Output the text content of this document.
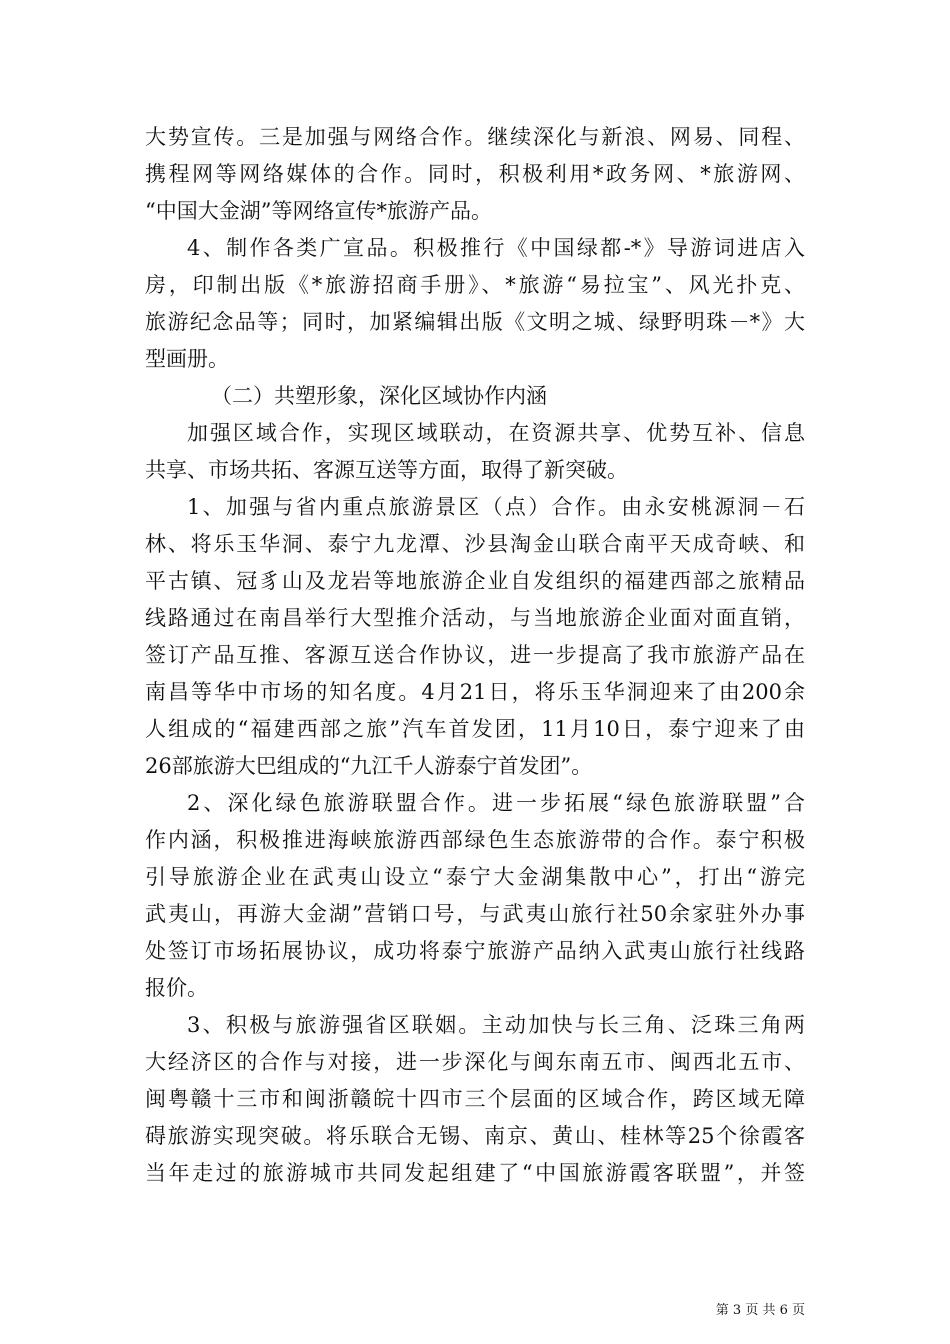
大势宣传。三是加强与网络合作。继续深化与新浪、网易、同程、
携程网等网络媒体的合作。同时，积极利用*政务网、*旅游网、
“中国大金湖”等网络宣传*旅游产品。
4、制作各类广宣品。积极推行《中国绿都-*》导游词进店入
房，印制出版《*旅游招商手册》、*旅游“易拉宝”、风光扑克、
旅游纪念品等；同时，加紧编辑出版《文明之城、绿野明珠－*》大
型画册。
（二）共塑形象，深化区域协作内涵
加强区域合作，实现区域联动，在资源共享、优势互补、信息
共享、市场共拓、客源互送等方面，取得了新突破。
1、加强与省内重点旅游景区（点）合作。由永安桃源洞－石
林、将乐玉华洞、泰宁九龙潭、沙县淘金山联合南平天成奇峡、和
平古镇、冠豸山及龙岩等地旅游企业自发组织的福建西部之旅精品
线路通过在南昌举行大型推介活动，与当地旅游企业面对面直销，
签订产品互推、客源互送合作协议，进一步提高了我市旅游产品在
南昌等华中市场的知名度。4月21日，将乐玉华洞迎来了由200余
人组成的“福建西部之旅”汽车首发团，11月10日，泰宁迎来了由
26部旅游大巴组成的“九江千人游泰宁首发团”。
2、深化绿色旅游联盟合作。进一步拓展“绿色旅游联盟”合
作内涵，积极推进海峡旅游西部绿色生态旅游带的合作。泰宁积极
引导旅游企业在武夷山设立“泰宁大金湖集散中心”，打出“游完
武夷山，再游大金湖”营销口号，与武夷山旅行社50余家驻外办事
处签订市场拓展协议，成功将泰宁旅游产品纳入武夷山旅行社线路
报价。
3、积极与旅游强省区联姻。主动加快与长三角、泛珠三角两
大经济区的合作与对接，进一步深化与闽东南五市、闽西北五市、
闽粤赣十三市和闽浙赣皖十四市三个层面的区域合作，跨区域无障
碍旅游实现突破。将乐联合无锡、南京、黄山、桂林等25个徐霞客
当年走过的旅游城市共同发起组建了“中国旅游霞客联盟”，并签
第 3 页 共 6 页
